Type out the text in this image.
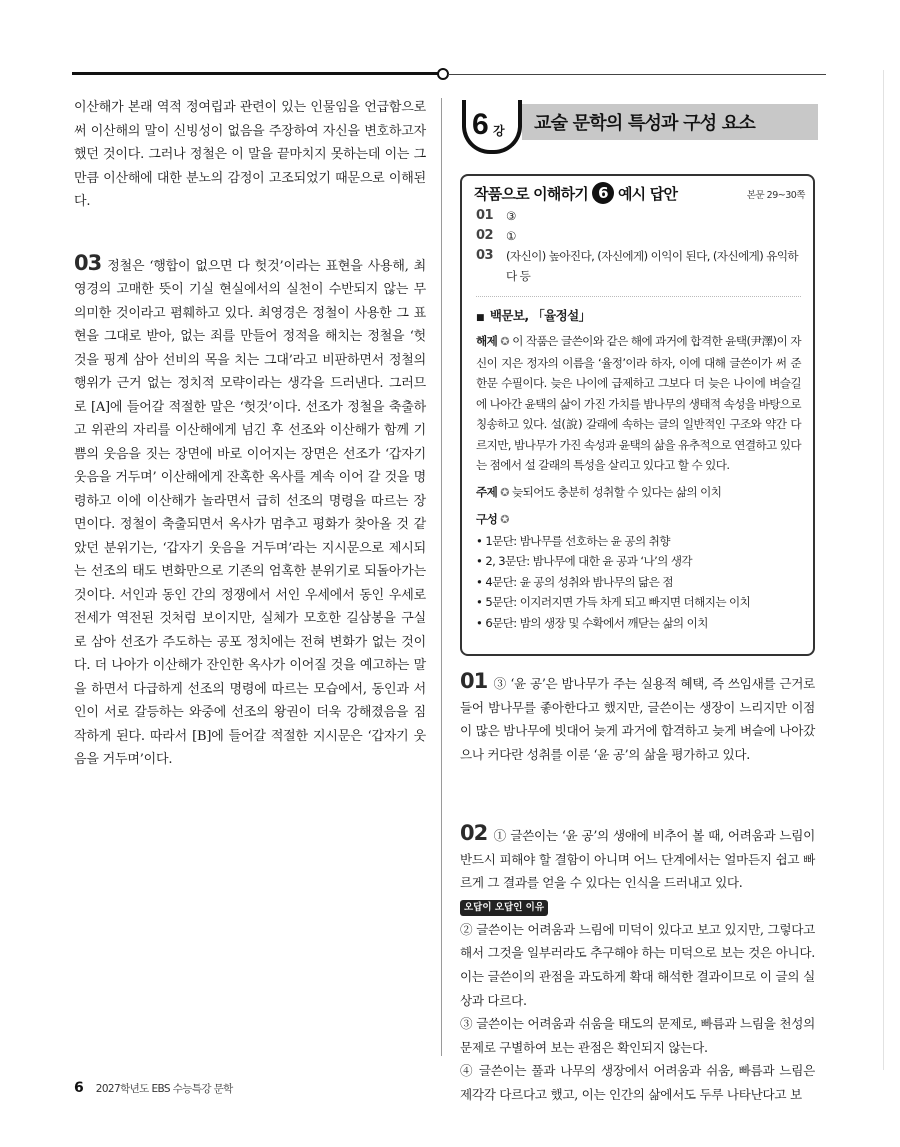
이산해가 본래 역적 정여립과 관련이 있는 인물임을 언급함으로써 이산해의 말이 신빙성이 없음을 주장하여 자신을 변호하고자 했던 것이다. 그러나 정철은 이 말을 끝마치지 못하는데 이는 그만큼 이산해에 대한 분노의 감정이 고조되었기 때문으로 이해된다.

03 정철은 ‘행합이 없으면 다 헛것’이라는 표현을 사용해, 최영경의 고매한 뜻이 기실 현실에서의 실천이 수반되지 않는 무의미한 것이라고 폄훼하고 있다. 최영경은 정철이 사용한 그 표현을 그대로 받아, 없는 죄를 만들어 정적을 해치는 정철을 ‘헛것을 핑계 삼아 선비의 목을 치는 그대’라고 비판하면서 정철의 행위가 근거 없는 정치적 모략이라는 생각을 드러낸다. 그러므로 [A]에 들어갈 적절한 말은 ‘헛것’이다. 선조가 정철을 축출하고 위관의 자리를 이산해에게 넘긴 후 선조와 이산해가 함께 기쁨의 웃음을 짓는 장면에 바로 이어지는 장면은 선조가 ‘갑자기 웃음을 거두며’ 이산해에게 잔혹한 옥사를 계속 이어 갈 것을 명령하고 이에 이산해가 놀라면서 급히 선조의 명령을 따르는 장면이다. 정철이 축출되면서 옥사가 멈추고 평화가 찾아올 것 같았던 분위기는, ‘갑자기 웃음을 거두며’라는 지시문으로 제시되는 선조의 태도 변화만으로 기존의 엄혹한 분위기로 되돌아가는 것이다. 서인과 동인 간의 정쟁에서 서인 우세에서 동인 우세로 전세가 역전된 것처럼 보이지만, 실체가 모호한 길삼봉을 구실로 삼아 선조가 주도하는 공포 정치에는 전혀 변화가 없는 것이다. 더 나아가 이산해가 잔인한 옥사가 이어질 것을 예고하는 말을 하면서 다급하게 선조의 명령에 따르는 모습에서, 동인과 서인이 서로 갈등하는 와중에 선조의 왕권이 더욱 강해졌음을 짐작하게 된다. 따라서 [B]에 들어갈 적절한 지시문은 ‘갑자기 웃음을 거두며’이다.

6 강 교술 문학의 특성과 구성 요소
작품으로 이해하기 6 예시 답안	본문 29~30쪽
01	③
02	①
03	(자신이) 높아진다, (자신에게) 이익이 된다, (자신에게) 유익하다 등
■ 백문보, 「율정설」
해제 ✪ 이 작품은 글쓴이와 같은 해에 과거에 합격한 윤택(尹澤)이 자신이 지은 정자의 이름을 ‘율정’이라 하자, 이에 대해 글쓴이가 써 준 한문 수필이다. 늦은 나이에 급제하고 그보다 더 늦은 나이에 벼슬길에 나아간 윤택의 삶이 가진 가치를 밤나무의 생태적 속성을 바탕으로 칭송하고 있다. 설(說) 갈래에 속하는 글의 일반적인 구조와 약간 다르지만, 밤나무가 가진 속성과 윤택의 삶을 유추적으로 연결하고 있다는 점에서 설 갈래의 특성을 살리고 있다고 할 수 있다.
주제 ✪ 늦되어도 충분히 성취할 수 있다는 삶의 이치
구성 ✪
• 1문단: 밤나무를 선호하는 윤 공의 취향
• 2, 3문단: 밤나무에 대한 윤 공과 ‘나’의 생각
• 4문단: 윤 공의 성취와 밤나무의 닮은 점
• 5문단: 이지러지면 가득 차게 되고 빠지면 더해지는 이치
• 6문단: 밤의 생장 및 수확에서 깨닫는 삶의 이치

01 ③ ‘윤 공’은 밤나무가 주는 실용적 혜택, 즉 쓰임새를 근거로 들어 밤나무를 좋아한다고 했지만, 글쓴이는 생장이 느리지만 이점이 많은 밤나무에 빗대어 늦게 과거에 합격하고 늦게 벼슬에 나아갔으나 커다란 성취를 이룬 ‘윤 공’의 삶을 평가하고 있다.

02 ① 글쓴이는 ‘윤 공’의 생애에 비추어 볼 때, 어려움과 느림이 반드시 피해야 할 결함이 아니며 어느 단계에서는 얼마든지 쉽고 빠르게 그 결과를 얻을 수 있다는 인식을 드러내고 있다.

오답이 오답인 이유

② 글쓴이는 어려움과 느림에 미덕이 있다고 보고 있지만, 그렇다고 해서 그것을 일부러라도 추구해야 하는 미덕으로 보는 것은 아니다. 이는 글쓴이의 관점을 과도하게 확대 해석한 결과이므로 이 글의 실상과 다르다.

③ 글쓴이는 어려움과 쉬움을 태도의 문제로, 빠름과 느림을 천성의 문제로 구별하여 보는 관점은 확인되지 않는다.

④ 글쓴이는 풀과 나무의 생장에서 어려움과 쉬움, 빠름과 느림은 제각각 다르다고 했고, 이는 인간의 삶에서도 두루 나타난다고 보

6 2027학년도 EBS 수능특강 문학
